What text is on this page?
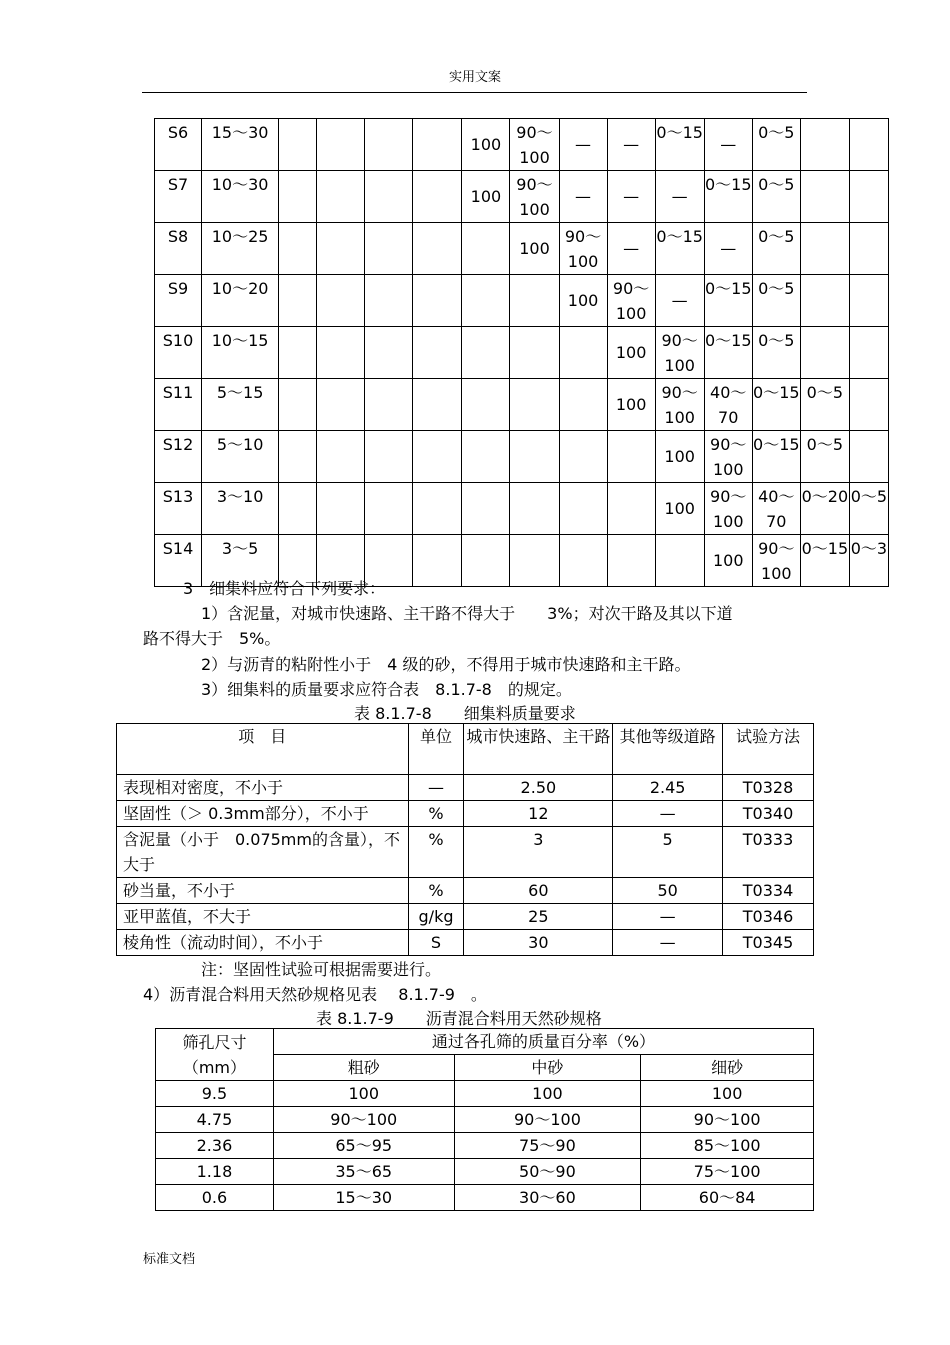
实用文案
S6	15～30					100	90～100	—	—	0～15	—	0～5		
S7	10～30					100	90～100	—	—	—	0～15	0～5		
S8	10～25						100	90～100	—	0～15	—	0～5		
S9	10～20							100	90～100	—	0～15	0～5		
S10	10～15								100	90～100	0～15	0～5		
S11	5～15								100	90～100	40～70	0～15	0～5	
S12	5～10									100	90～100	0～15	0～5	
S13	3～10									100	90～100	40～70	0～20	0～5
S14	3～5										100	90～100	0～15	0～3
3　细集料应符合下列要求：
1）含泥量，对城市快速路、主干路不得大于　　3%；对次干路及其以下道
路不得大于　5%。
2）与沥青的粘附性小于　4 级的砂，不得用于城市快速路和主干路。
3）细集料的质量要求应符合表　8.1.7-8　的规定。
表 8.1.7-8　　细集料质量要求
项　目	单位	城市快速路、主干路	其他等级道路	试验方法
表现相对密度，不小于	—	2.50	2.45	T0328
坚固性（＞ 0.3mm部分），不小于	%	12	—	T0340
含泥量（小于　0.075mm的含量），不大于	%	3	5	T0333
砂当量，不小于	%	60	50	T0334
亚甲蓝值，不大于	g/kg	25	—	T0346
棱角性（流动时间），不小于	S	30	—	T0345
注：坚固性试验可根据需要进行。
4）沥青混合料用天然砂规格见表　 8.1.7-9　。
表 8.1.7-9　　沥青混合料用天然砂规格
筛孔尺寸（mm）	通过各孔筛的质量百分率（%）		
	粗砂	中砂	细砂
9.5	100	100	100
4.75	90～100	90～100	90～100
2.36	65～95	75～90	85～100
1.18	35～65	50～90	75～100
0.6	15～30	30～60	60～84
标准文档
